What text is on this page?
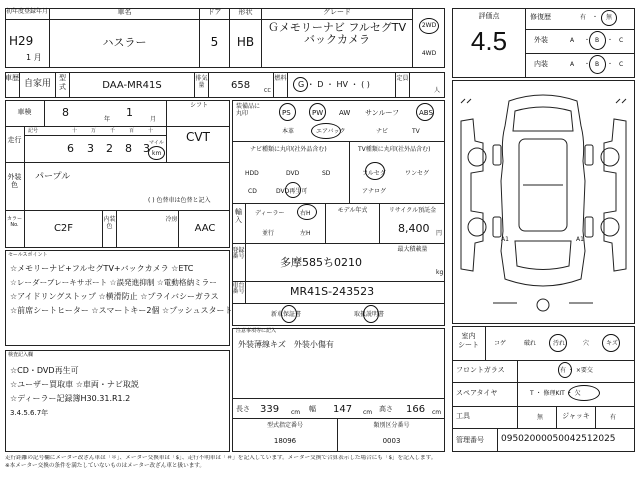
初年度登録年月
H29
1 月
車名
ハスラー
ドア
5
形状
HB
グレード
Ｇメモリーナビ フルセグTV
バックカメラ
2WD
4WD
車歴
自家用
型式	DAA-MR41S
排気量	658	CC
燃料
G ・ D ・ HV ・ ( )
定員
人
車検	8
年
1
月
シフト
CVT
走行
記号	十	万	千	百	十
6 3 2 8 3 マイル
km
外装色
パープル
( ) 色替車は色替と記入
カラーNo.	C2F
内装色
冷房
AAC
装備品に丸印	PS	PW AW サンルーフ	ABS
本革	エアバック	ナビ	TV
ナビ種類に丸印(社外品含む)
HDD	DVD	SD
CD	DVD再生可
TV種類に丸印(社外品含む)
フルセグ	ワンセグ
アナログ
輸入
ディーラー
並行
右H
左H
モデル年式	リサイクル預託金
8,400 円
最大積載量
kg
登録番号	多摩585ち0210
車台番号	MR41S-243523
新車保証書	取扱説明書
セールスポイント
☆メモリーナビ+フルセグTV+バックカメラ ☆ETC
☆レーダーブレーキサポート ☆誤発進抑制 ☆電動格納ミラー
☆アイドリングストップ ☆横滑防止 ☆プライバシーガラス
☆前席シートヒーター ☆スマートキー2個 ☆プッシュスタート
検査記入欄
☆CD・DVD再生可
☆ユーザー買取車 ☆車両・ナビ取説
☆ディーラー記録簿H30.31.R1.2
3.4.5.6.7年
注意事項等に記入
外装薄線キズ　外装小傷有
長さ 339 cm 幅 147 cm 高さ 166 cm
型式指定番号
18096
類別区分番号
0003
評価点
4.5
修復歴	有 ・ 無
外装	A ・ B ・ C
内装	A ・ B ・ C
A1	A1
室内
シート	コゲ	破れ	汚れ	穴	キズ
フロントガラス	有 ・ ×要交
スペアタイヤ	T ・ 修理KIT ・ 欠
工具	無	ジャッキ	有
管理番号	09502000050042512025
走行距離の記号欄にメーター改ざん車は「＊」、メーター交換車は「$」、走行不明車は「＃」を記入しています。メーター交換で合算表示した場合にも「$」を記入します。
※本メーター交換の条件を満たしていないものはメーター改ざん車と扱います。
